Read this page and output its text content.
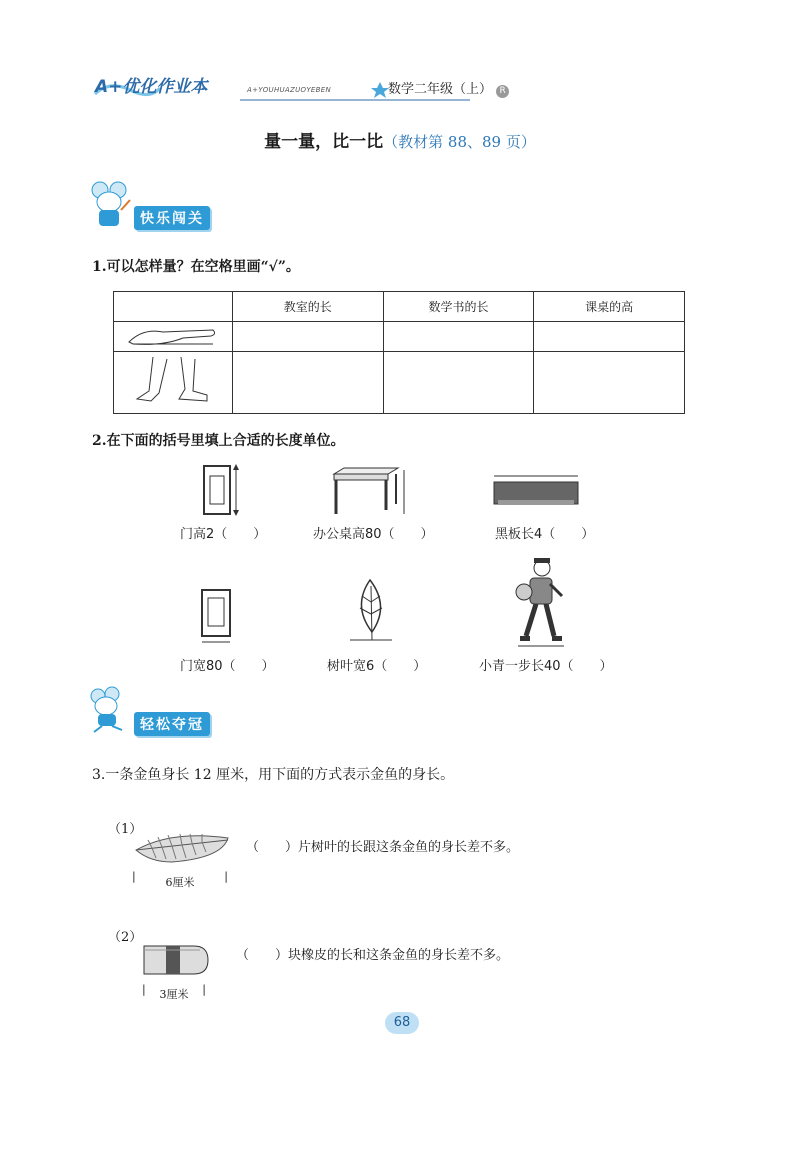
A+优化作业本	A+YOUHUAZUOYEBEN	数学二年级（上） R
量一量，比一比（教材第 88、89 页）
快乐闯关
1.可以怎样量？在空格里画“√”。
	教室的长	数学书的长	课桌的高

2.在下面的括号里填上合适的长度单位。
门高2（　　）	办公桌高80（　　）	黑板长4（　　）
门宽80（　　）	树叶宽6（　　）	小青一步长40（　　）
轻松夺冠
3.一条金鱼身长 12 厘米，用下面的方式表示金鱼的身长。
（1）
|	|
6厘米
（　　）片树叶的长跟这条金鱼的身长差不多。
（2）
|	|
3厘米
（　　）块橡皮的长和这条金鱼的身长差不多。
68
